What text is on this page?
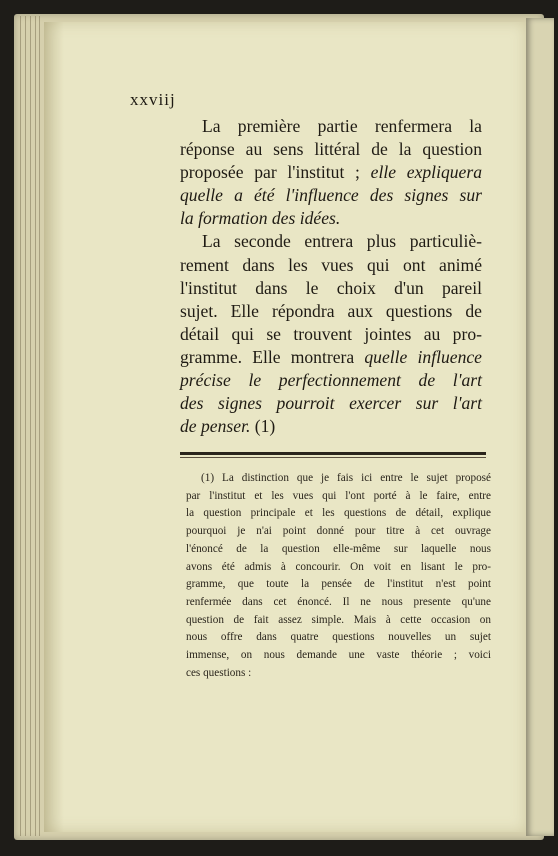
xxviij

La première partie renfermera la

réponse au sens littéral de la question

proposée par l'institut ; elle expliquera

quelle a été l'influence des signes sur

la formation des idées.

La seconde entrera plus particuliè-

rement dans les vues qui ont animé

l'institut dans le choix d'un pareil

sujet. Elle répondra aux questions de

détail qui se trouvent jointes au pro-

gramme. Elle montrera quelle influence

précise le perfectionnement de l'art

des signes pourroit exercer sur l'art

de penser. (1)

(1) La distinction que je fais ici entre le sujet proposé

par l'institut et les vues qui l'ont porté à le faire, entre

la question principale et les questions de détail, explique

pourquoi je n'ai point donné pour titre à cet ouvrage

l'énoncé de la question elle-même sur laquelle nous

avons été admis à concourir. On voit en lisant le pro-

gramme, que toute la pensée de l'institut n'est point

renfermée dans cet énoncé. Il ne nous presente qu'une

question de fait assez simple. Mais à cette occasion on

nous offre dans quatre questions nouvelles un sujet

immense, on nous demande une vaste théorie ; voici

ces questions :
